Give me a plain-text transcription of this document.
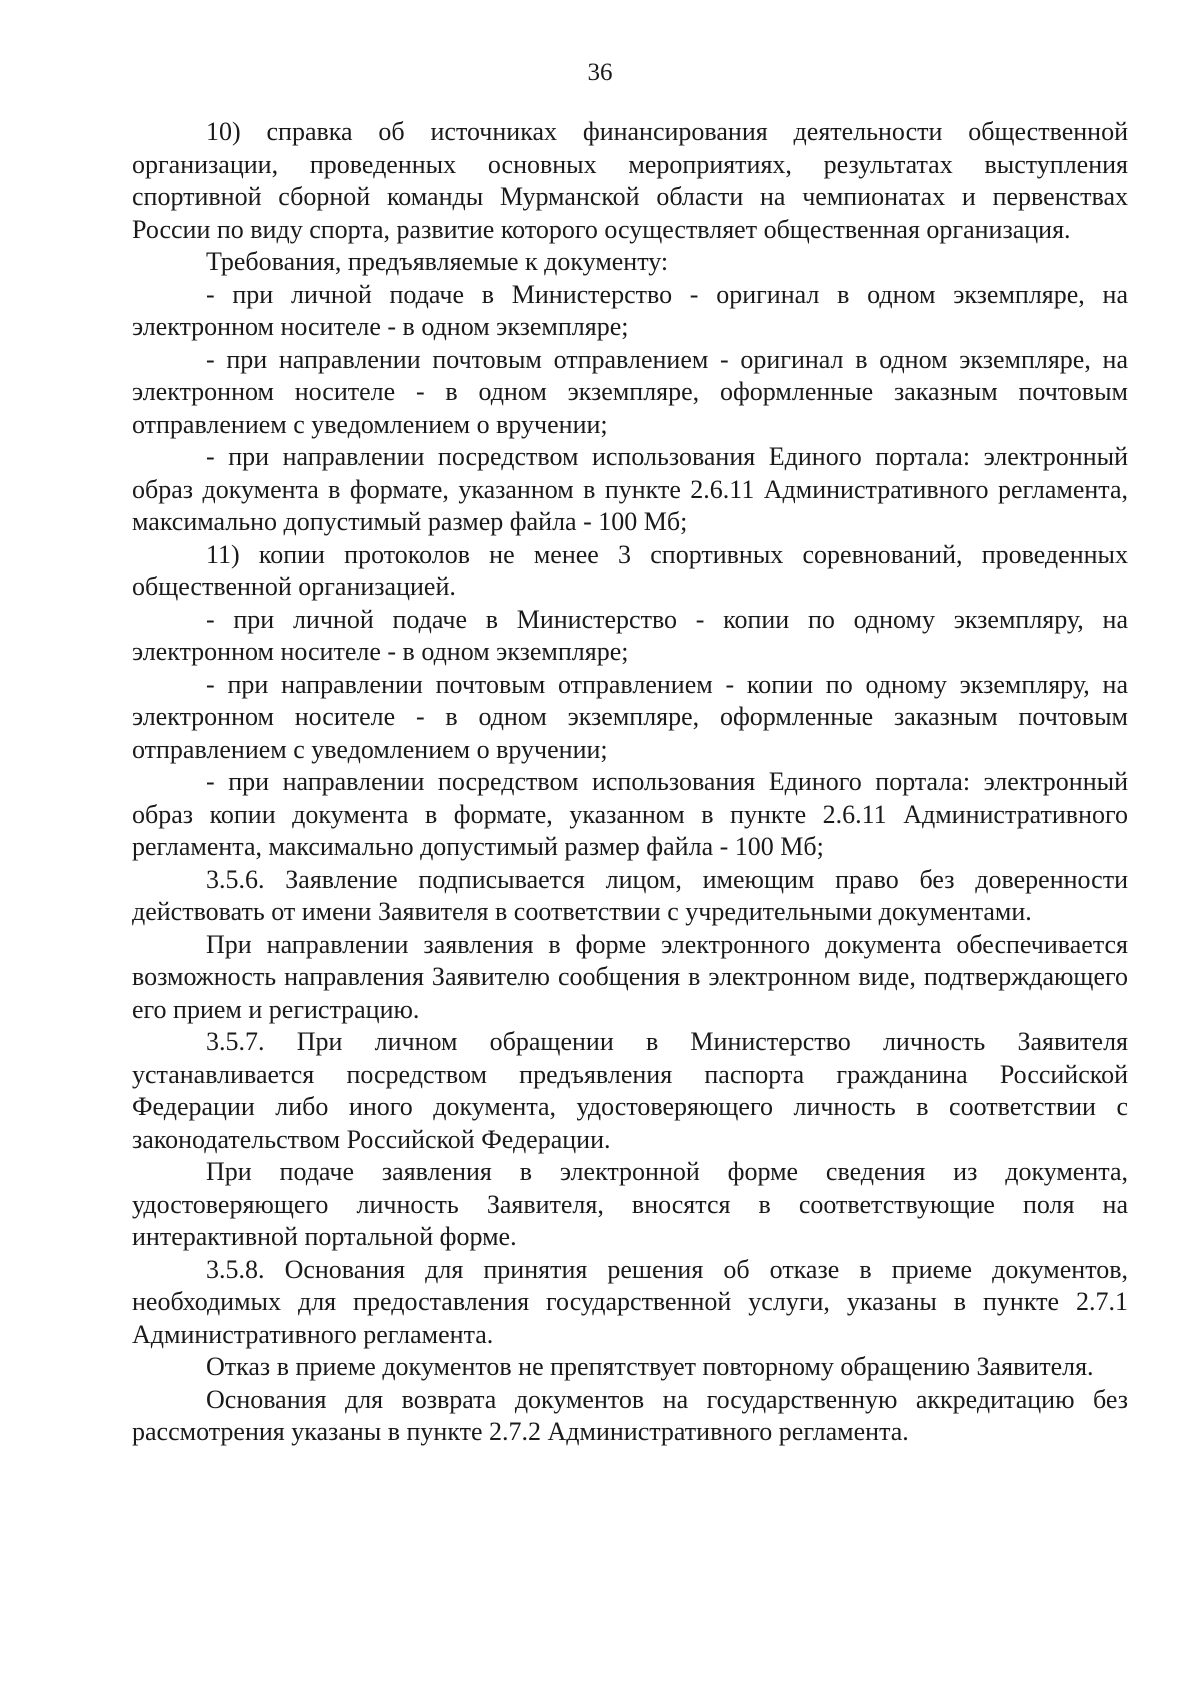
36

10) справка об источниках финансирования деятельности общественной организации, проведенных основных мероприятиях, результатах выступления спортивной сборной команды Мурманской области на чемпионатах и первенствах России по виду спорта, развитие которого осуществляет общественная организация.

Требования, предъявляемые к документу:

- при личной подаче в Министерство - оригинал в одном экземпляре, на электронном носителе - в одном экземпляре;

- при направлении почтовым отправлением - оригинал в одном экземпляре, на электронном носителе - в одном экземпляре, оформленные заказным почтовым отправлением с уведомлением о вручении;

- при направлении посредством использования Единого портала: электронный образ документа в формате, указанном в пункте 2.6.11 Административного регламента, максимально допустимый размер файла - 100 Мб;

11) копии протоколов не менее 3 спортивных соревнований, проведенных общественной организацией.

- при личной подаче в Министерство - копии по одному экземпляру, на электронном носителе - в одном экземпляре;

- при направлении почтовым отправлением - копии по одному экземпляру, на электронном носителе - в одном экземпляре, оформленные заказным почтовым отправлением с уведомлением о вручении;

- при направлении посредством использования Единого портала: электронный образ копии документа в формате, указанном в пункте 2.6.11 Административного регламента, максимально допустимый размер файла - 100 Мб;

3.5.6. Заявление подписывается лицом, имеющим право без доверенности действовать от имени Заявителя в соответствии с учредительными документами.

При направлении заявления в форме электронного документа обеспечивается возможность направления Заявителю сообщения в электронном виде, подтверждающего его прием и регистрацию.

3.5.7. При личном обращении в Министерство личность Заявителя устанавливается посредством предъявления паспорта гражданина Российской Федерации либо иного документа, удостоверяющего личность в соответствии с законодательством Российской Федерации.

При подаче заявления в электронной форме сведения из документа, удостоверяющего личность Заявителя, вносятся в соответствующие поля на интерактивной портальной форме.

3.5.8. Основания для принятия решения об отказе в приеме документов, необходимых для предоставления государственной услуги, указаны в пункте 2.7.1 Административного регламента.

Отказ в приеме документов не препятствует повторному обращению Заявителя.

Основания для возврата документов на государственную аккредитацию без рассмотрения указаны в пункте 2.7.2 Административного регламента.
